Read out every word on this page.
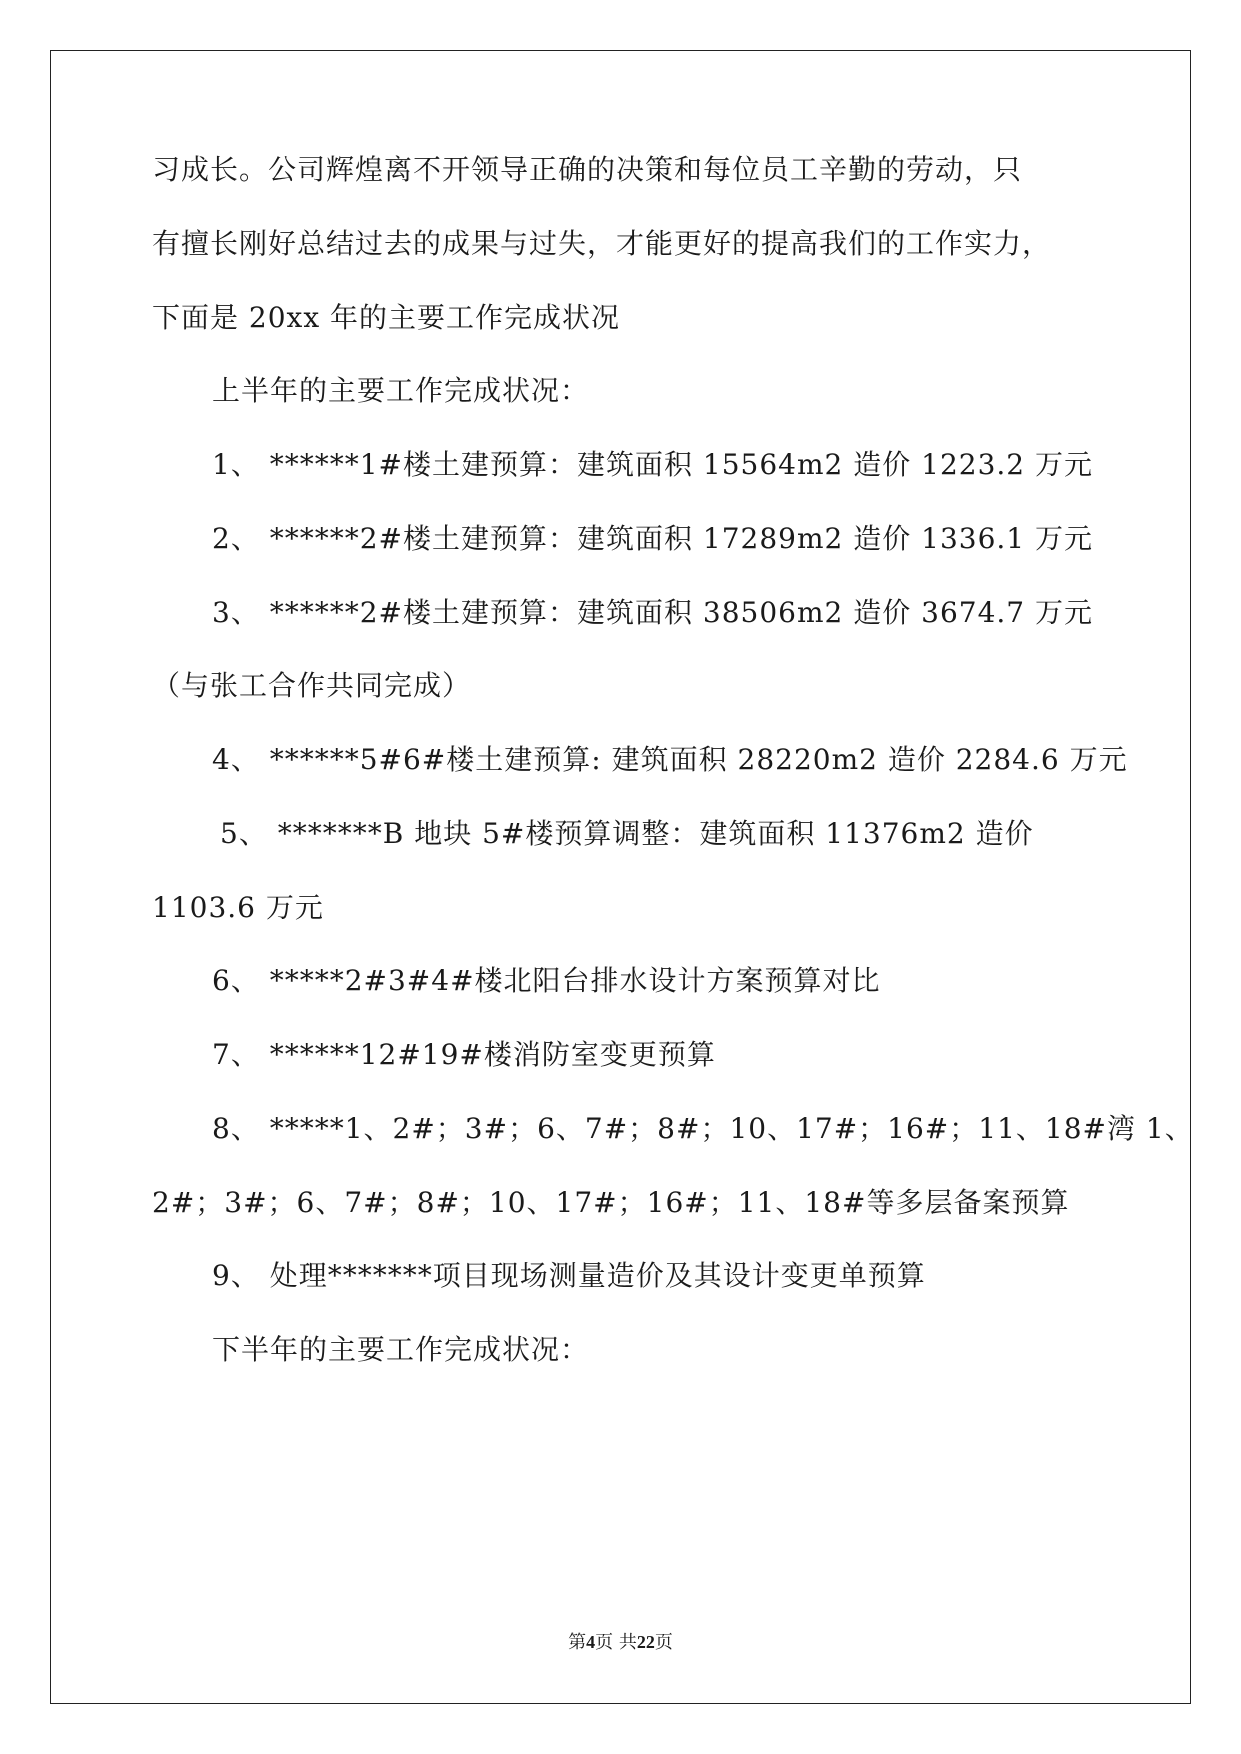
习成长。公司辉煌离不开领导正确的决策和每位员工辛勤的劳动，只
有擅长刚好总结过去的成果与过失，才能更好的提高我们的工作实力，
下面是 20xx 年的主要工作完成状况
上半年的主要工作完成状况：
1、 ******1#楼土建预算：建筑面积 15564m2 造价 1223.2 万元
2、 ******2#楼土建预算：建筑面积 17289m2 造价 1336.1 万元
3、 ******2#楼土建预算：建筑面积 38506m2 造价 3674.7 万元
（与张工合作共同完成）
4、 ******5#6#楼土建预算: 建筑面积 28220m2 造价 2284.6 万元
5、 *******B 地块 5#楼预算调整：建筑面积 11376m2 造价
1103.6 万元
6、 *****2#3#4#楼北阳台排水设计方案预算对比
7、 ******12#19#楼消防室变更预算
8、 *****1、2#；3#；6、7#；8#；10、17#；16#；11、18#湾 1、
2#；3#；6、7#；8#；10、17#；16#；11、18#等多层备案预算
9、 处理*******项目现场测量造价及其设计变更单预算
下半年的主要工作完成状况：
第4页 共22页
